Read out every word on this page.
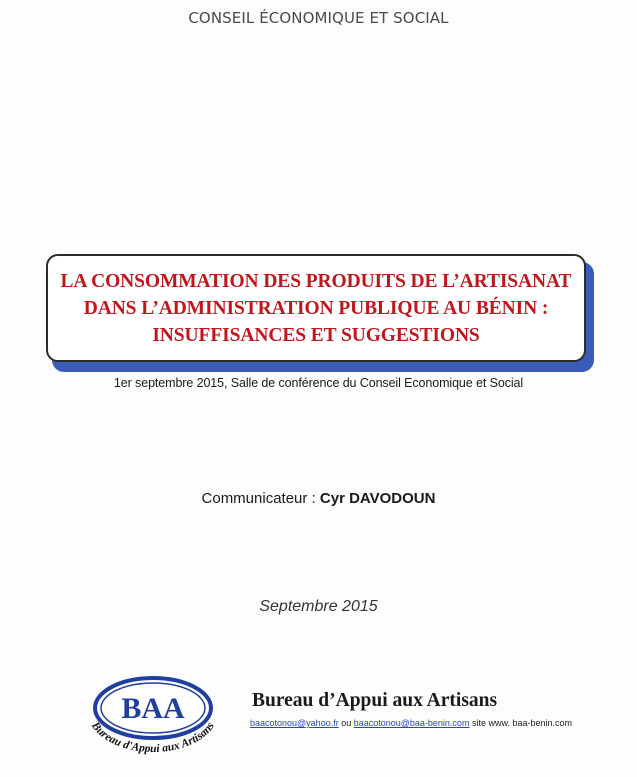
CONSEIL ÉCONOMIQUE ET SOCIAL
LA CONSOMMATION DES PRODUITS DE L’ARTISANAT
DANS L’ADMINISTRATION PUBLIQUE AU BÉNIN :
INSUFFISANCES ET SUGGESTIONS
1er septembre 2015, Salle de conférence du Conseil Economique et Social
Communicateur : Cyr DAVODOUN
Septembre 2015
BAA
Bureau d'Appui aux Artisans
Bureau d’Appui aux Artisans
baacotonou@yahoo.fr ou baacotonou@baa-benin.com site www. baa-benin.com
